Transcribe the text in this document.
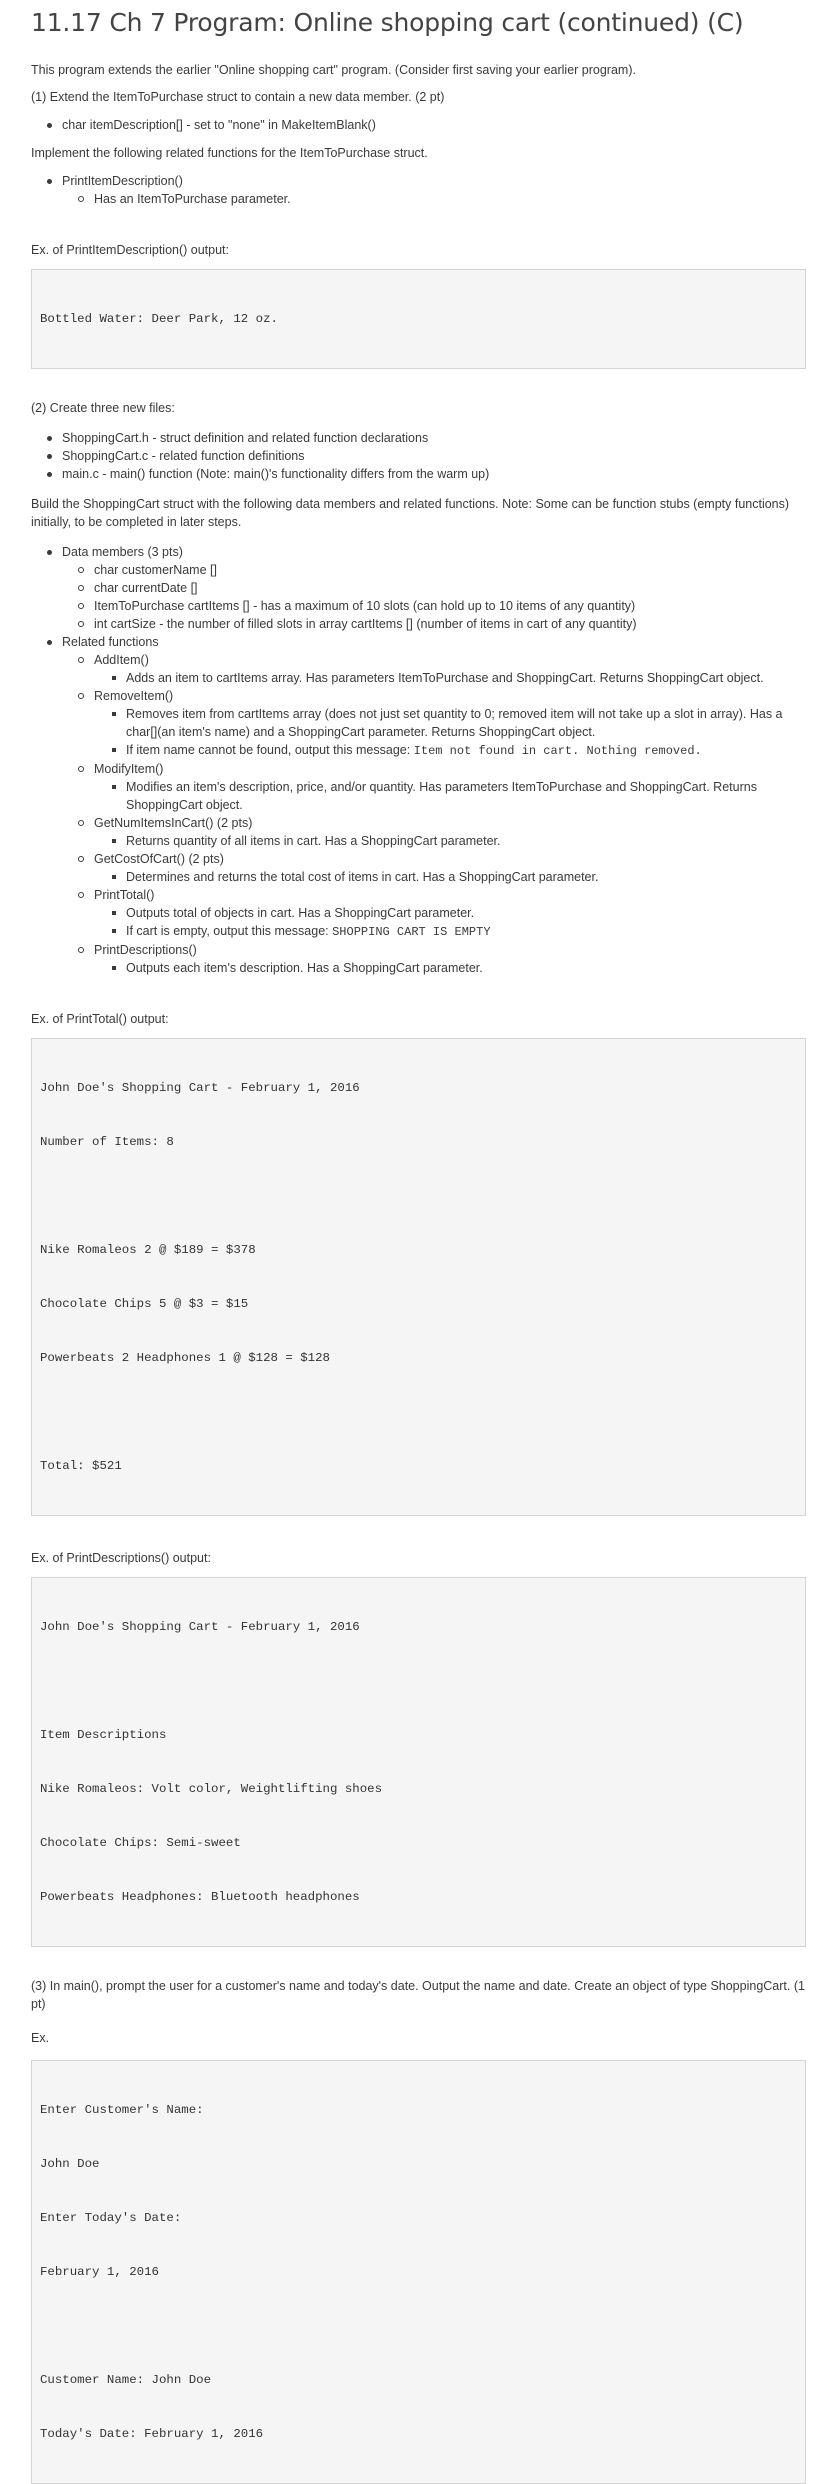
11.17 Ch 7 Program: Online shopping cart (continued) (C)

This program extends the earlier "Online shopping cart" program. (Consider first saving your earlier program).

(1) Extend the ItemToPurchase struct to contain a new data member. (2 pt)

char itemDescription[] - set to "none" in MakeItemBlank()

Implement the following related functions for the ItemToPurchase struct.

PrintItemDescription()
Has an ItemToPurchase parameter.

Ex. of PrintItemDescription() output:

Bottled Water: Deer Park, 12 oz.

(2) Create three new files:

ShoppingCart.h - struct definition and related function declarations
ShoppingCart.c - related function definitions
main.c - main() function (Note: main()'s functionality differs from the warm up)

Build the ShoppingCart struct with the following data members and related functions. Note: Some can be function stubs (empty functions) initially, to be completed in later steps.

Data members (3 pts)
char customerName []
char currentDate []
ItemToPurchase cartItems [] - has a maximum of 10 slots (can hold up to 10 items of any quantity)
int cartSize - the number of filled slots in array cartItems [] (number of items in cart of any quantity)
Related functions
AddItem()
Adds an item to cartItems array. Has parameters ItemToPurchase and ShoppingCart. Returns ShoppingCart object.
RemoveItem()
Removes item from cartItems array (does not just set quantity to 0; removed item will not take up a slot in array). Has a char[](an item's name) and a ShoppingCart parameter. Returns ShoppingCart object.
If item name cannot be found, output this message: Item not found in cart. Nothing removed.
ModifyItem()
Modifies an item's description, price, and/or quantity. Has parameters ItemToPurchase and ShoppingCart. Returns ShoppingCart object.
GetNumItemsInCart() (2 pts)
Returns quantity of all items in cart. Has a ShoppingCart parameter.
GetCostOfCart() (2 pts)
Determines and returns the total cost of items in cart. Has a ShoppingCart parameter.
PrintTotal()
Outputs total of objects in cart. Has a ShoppingCart parameter.
If cart is empty, output this message: SHOPPING CART IS EMPTY
PrintDescriptions()
Outputs each item's description. Has a ShoppingCart parameter.

Ex. of PrintTotal() output:

John Doe's Shopping Cart - February 1, 2016

Number of Items: 8

Nike Romaleos 2 @ $189 = $378

Chocolate Chips 5 @ $3 = $15

Powerbeats 2 Headphones 1 @ $128 = $128

Total: $521

Ex. of PrintDescriptions() output:

John Doe's Shopping Cart - February 1, 2016

Item Descriptions

Nike Romaleos: Volt color, Weightlifting shoes

Chocolate Chips: Semi-sweet

Powerbeats Headphones: Bluetooth headphones

(3) In main(), prompt the user for a customer's name and today's date. Output the name and date. Create an object of type ShoppingCart. (1 pt)

Ex.

Enter Customer's Name:

John Doe

Enter Today's Date:

February 1, 2016

Customer Name: John Doe

Today's Date: February 1, 2016
